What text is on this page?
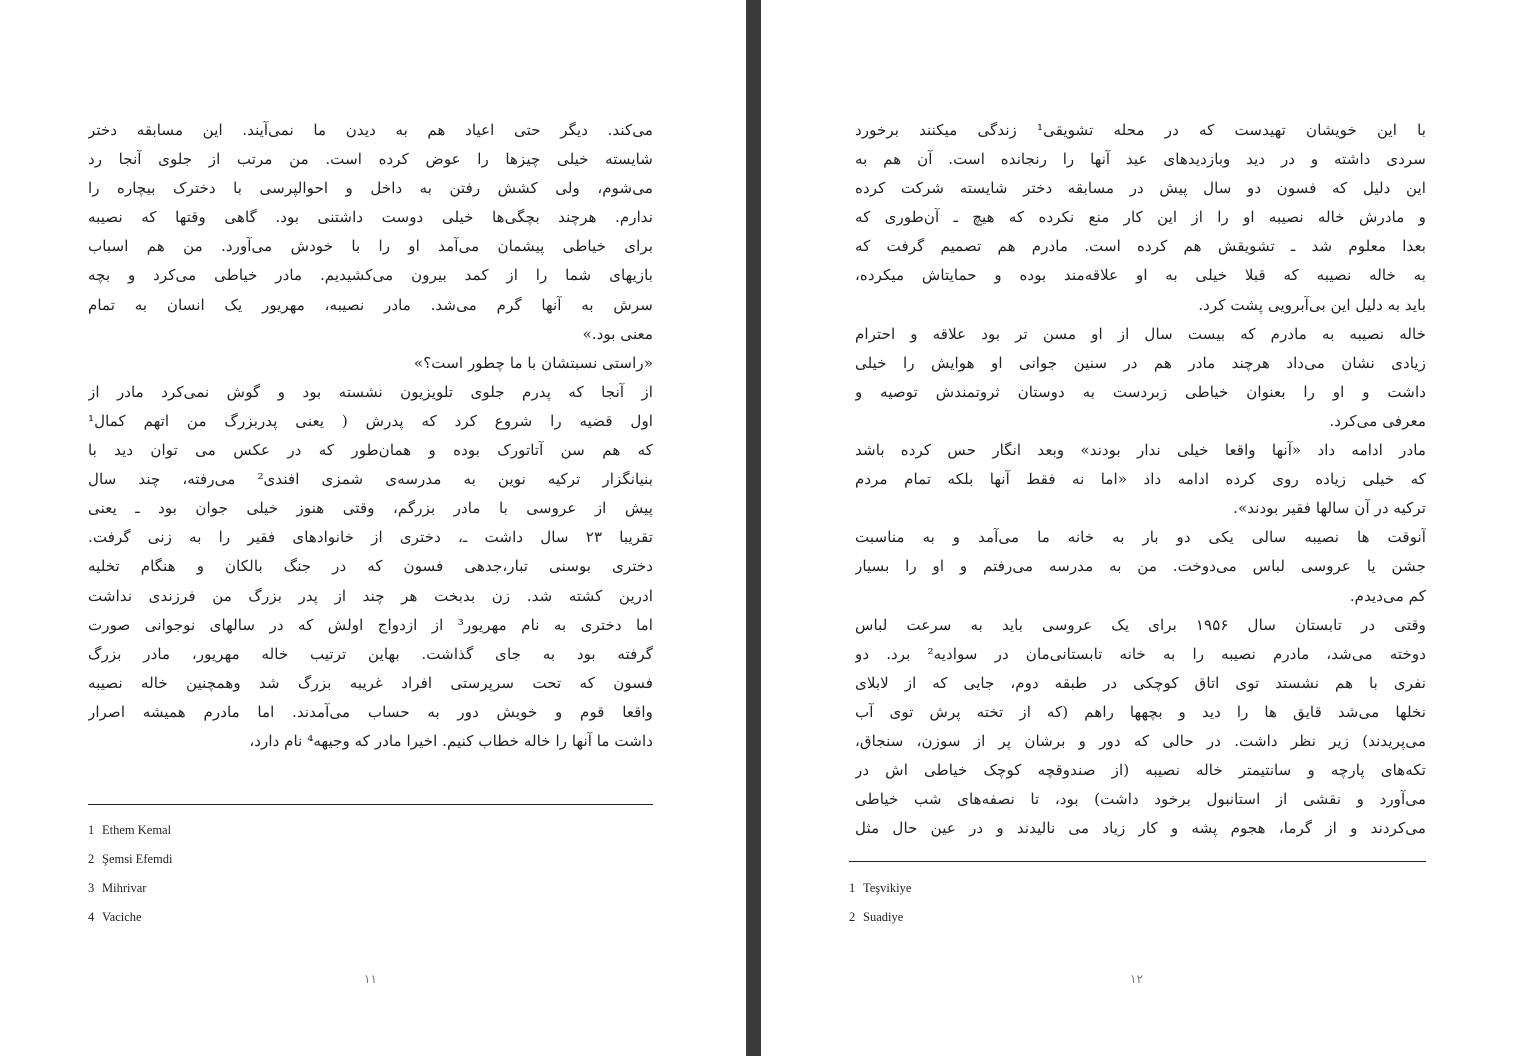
می‌کند. دیگر حتی اعیاد هم به دیدن ما نمی‌آیند. این مسابقه دختر
شایسته خیلی چیزها را عوض کرده است. من مرتب از جلوی آنجا رد
می‌شوم، ولی کشش رفتن به داخل و احوالپرسی با دخترک بیچاره را
ندارم. هرچند بچگی‌ها خیلی دوست داشتنی بود. گاهی وقتها که نصیبه
برای خیاطی پیشمان می‌آمد او را با خودش می‌آورد. من هم اسباب
بازیهای شما را از کمد بیرون می‌کشیدیم. مادر خیاطی می‌کرد و بچه
سرش به آنها گرم می‌شد. مادر نصیبه، مهریور یک انسان به تمام
معنی بود.»
«راستی نسبتشان با ما چطور است؟»
از آنجا که پدرم جلوی تلویزیون نشسته بود و گوش نمی‌کرد مادر از
اول قضیه را شروع کرد که پدرش ( یعنی پدربزرگ من اتهم کمال¹
که هم سن آتاتورک بوده و همان‌طور که در عکس می توان دید با
بنیانگزار ترکیه نوین به مدرسه‌ی شمزی افندی² می‌رفته، چند سال
پیش از عروسی با مادر بزرگم، وقتی هنوز خیلی جوان بود ـ یعنی
تقریبا ۲۳ سال داشت ـ، دختری از خانوادهای فقیر را به زنی گرفت.
دختری بوسنی تبار،جدهی فسون که در جنگ بالکان و هنگام تخلیه
ادرین کشته شد. زن بدبخت هر چند از پدر بزرگ من فرزندی نداشت
اما دختری به نام مهریور³ از ازدواج اولش که در سالهای نوجوانی صورت
گرفته بود به جای گذاشت. بهاین ترتیب خاله مهریور، مادر بزرگ
فسون که تحت سرپرستی افراد غریبه بزرگ شد وهمچنین خاله نصیبه
واقعا قوم و خویش دور به حساب می‌آمدند. اما مادرم همیشه اصرار
داشت ما آنها را خاله خطاب کنیم. اخیرا مادر که وجیهه⁴ نام دارد،
1 Ethem Kemal
2 Şemsi Efemdi
3 Mihrivar
4 Vaciche
۱۱
با این خویشان تهیدست که در محله تشویقی¹ زندگی میکنند برخورد
سردی داشته و در دید وبازدیدهای عید آنها را رنجانده است. آن هم به
این دلیل که فسون دو سال پیش در مسابقه دختر شایسته شرکت کرده
و مادرش خاله نصیبه او را از این کار منع نکرده که هیچ ـ آن‌طوری که
بعدا معلوم شد ـ تشویقش هم کرده است. مادرم هم تصمیم گرفت که
به خاله نصیبه که قبلا خیلی به او علاقه‌مند بوده و حمایتاش میکرده،
باید به دلیل این بی‌آبرویی پشت کرد.
خاله نصیبه به مادرم که بیست سال از او مسن تر بود علاقه و احترام
زیادی نشان می‌داد هرچند مادر هم در سنین جوانی او هوایش را خیلی
داشت و او را بعنوان خیاطی زبردست به دوستان ثروتمندش توصیه و
معرفی می‌کرد.
مادر ادامه داد «آنها واقعا خیلی ندار بودند» وبعد انگار حس کرده باشد
که خیلی زیاده روی کرده ادامه داد «اما نه فقط آنها بلکه تمام مردم
ترکیه در آن سالها فقیر بودند».
آنوقت ها نصیبه سالی یکی دو بار به خانه ما می‌آمد و به مناسبت
جشن یا عروسی لباس می‌دوخت. من به مدرسه می‌رفتم و او را بسیار
کم می‌دیدم.
وقتی در تابستان سال ۱۹۵۶ برای یک عروسی باید به سرعت لباس
دوخته می‌شد، مادرم نصیبه را به خانه تابستانی‌مان در سوادیه² برد. دو
نفری با هم نشستد توی اتاق کوچکی در طبقه دوم، جایی که از لابلای
نخلها می‌شد قایق ها را دید و بچهها راهم (که از تخته پرش توی آب
می‌پریدند) زیر نظر داشت. در حالی که دور و برشان پر از سوزن، سنجاق،
تکه‌های پارچه و سانتیمتر خاله نصیبه (از صندوقچه کوچک خیاطی اش در
می‌آورد و نقشی از استانبول برخود داشت) بود، تا نصفه‌های شب خیاطی
می‌کردند و از گرما، هجوم پشه و کار زیاد می نالیدند و در عین حال مثل
1 Teşvikiye
2 Suadiye
۱۲
